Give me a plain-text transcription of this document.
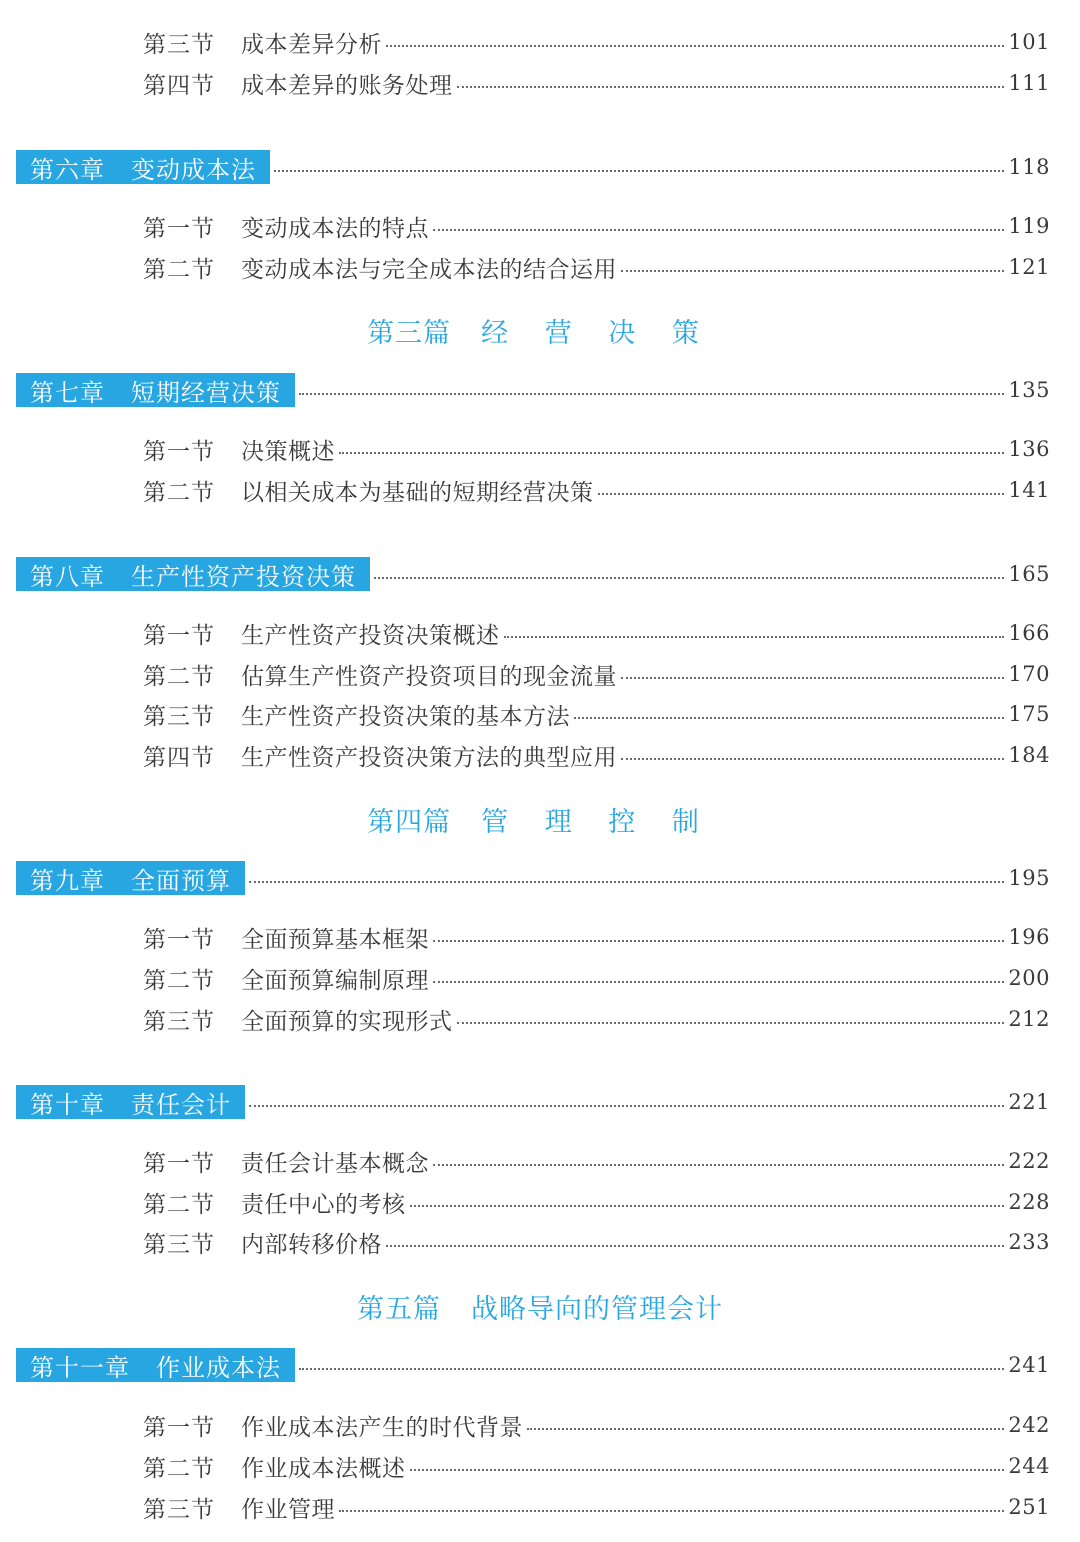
第三节	成本差异分析	101
第四节	成本差异的账务处理	111
第六章 变动成本法	118
第一节	变动成本法的特点	119
第二节	变动成本法与完全成本法的结合运用	121
第三篇 经 营 决 策
第七章 短期经营决策	135
第一节	决策概述	136
第二节	以相关成本为基础的短期经营决策	141
第八章 生产性资产投资决策	165
第一节	生产性资产投资决策概述	166
第二节	估算生产性资产投资项目的现金流量	170
第三节	生产性资产投资决策的基本方法	175
第四节	生产性资产投资决策方法的典型应用	184
第四篇 管 理 控 制
第九章 全面预算	195
第一节	全面预算基本框架	196
第二节	全面预算编制原理	200
第三节	全面预算的实现形式	212
第十章 责任会计	221
第一节	责任会计基本概念	222
第二节	责任中心的考核	228
第三节	内部转移价格	233
第五篇 战略导向的管理会计
第十一章 作业成本法	241
第一节	作业成本法产生的时代背景	242
第二节	作业成本法概述	244
第三节	作业管理	251
